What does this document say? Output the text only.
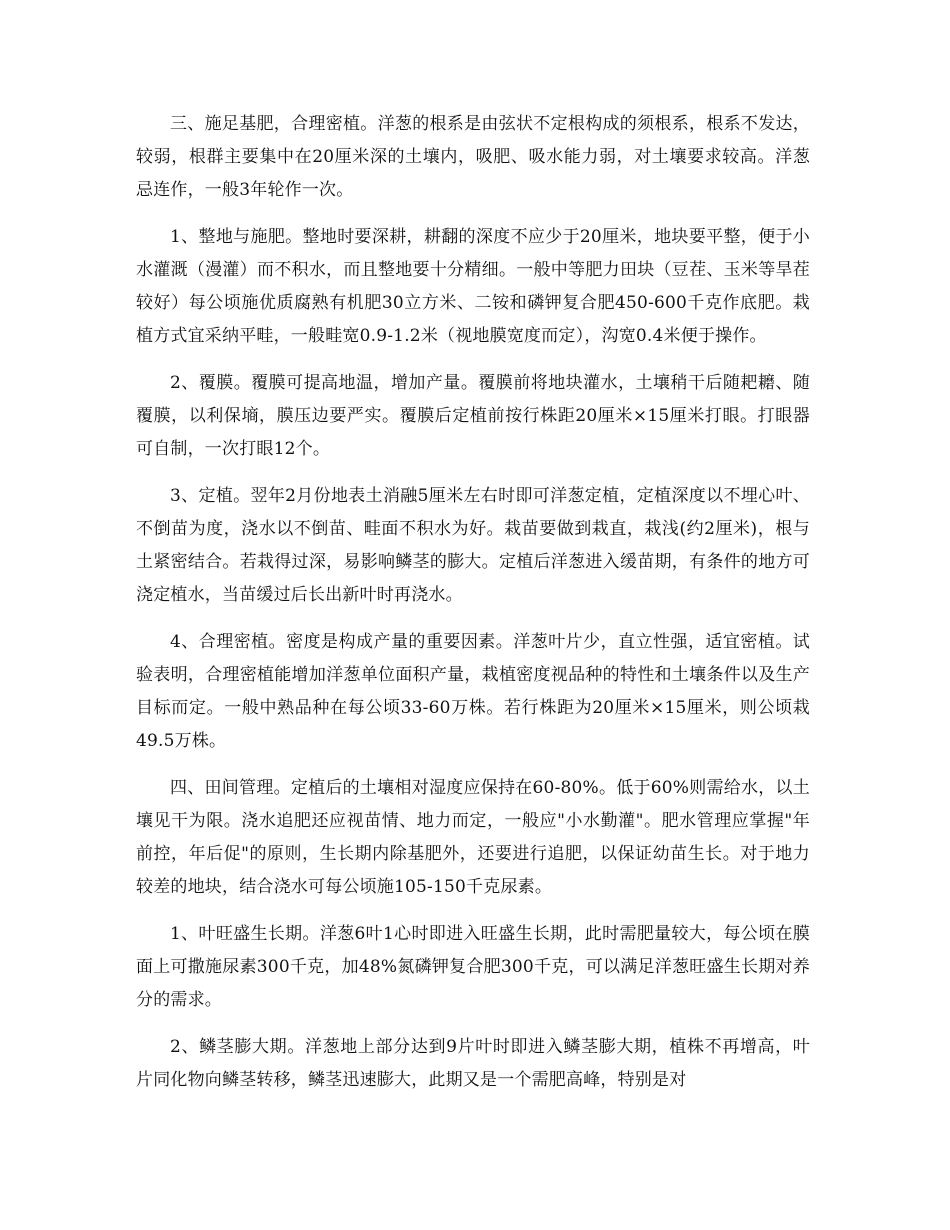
三、施足基肥，合理密植。洋葱的根系是由弦状不定根构成的须根系，根系不发达，较弱，根群主要集中在20厘米深的土壤内，吸肥、吸水能力弱，对土壤要求较高。洋葱忌连作，一般3年轮作一次。

1、整地与施肥。整地时要深耕，耕翻的深度不应少于20厘米，地块要平整，便于小水灌溉（漫灌）而不积水，而且整地要十分精细。一般中等肥力田块（豆茬、玉米等旱茬较好）每公顷施优质腐熟有机肥30立方米、二铵和磷钾复合肥450-600千克作底肥。栽植方式宜采纳平畦，一般畦宽0.9-1.2米（视地膜宽度而定），沟宽0.4米便于操作。

2、覆膜。覆膜可提高地温，增加产量。覆膜前将地块灌水，土壤稍干后随耙耱、随覆膜，以利保墒，膜压边要严实。覆膜后定植前按行株距20厘米×15厘米打眼。打眼器可自制，一次打眼12个。

3、定植。翌年2月份地表土消融5厘米左右时即可洋葱定植，定植深度以不埋心叶、不倒苗为度，浇水以不倒苗、畦面不积水为好。栽苗要做到栽直，栽浅(约2厘米)，根与土紧密结合。若栽得过深，易影响鳞茎的膨大。定植后洋葱进入缓苗期，有条件的地方可浇定植水，当苗缓过后长出新叶时再浇水。

4、合理密植。密度是构成产量的重要因素。洋葱叶片少，直立性强，适宜密植。试验表明，合理密植能增加洋葱单位面积产量，栽植密度视品种的特性和土壤条件以及生产目标而定。一般中熟品种在每公顷33-60万株。若行株距为20厘米×15厘米，则公顷栽49.5万株。

四、田间管理。定植后的土壤相对湿度应保持在60-80%。低于60%则需给水，以土壤见干为限。浇水追肥还应视苗情、地力而定，一般应"小水勤灌"。肥水管理应掌握"年前控，年后促"的原则，生长期内除基肥外，还要进行追肥，以保证幼苗生长。对于地力较差的地块，结合浇水可每公顷施105-150千克尿素。

1、叶旺盛生长期。洋葱6叶1心时即进入旺盛生长期，此时需肥量较大，每公顷在膜面上可撒施尿素300千克，加48%氮磷钾复合肥300千克，可以满足洋葱旺盛生长期对养分的需求。

2、鳞茎膨大期。洋葱地上部分达到9片叶时即进入鳞茎膨大期，植株不再增高，叶片同化物向鳞茎转移，鳞茎迅速膨大，此期又是一个需肥高峰，特别是对
